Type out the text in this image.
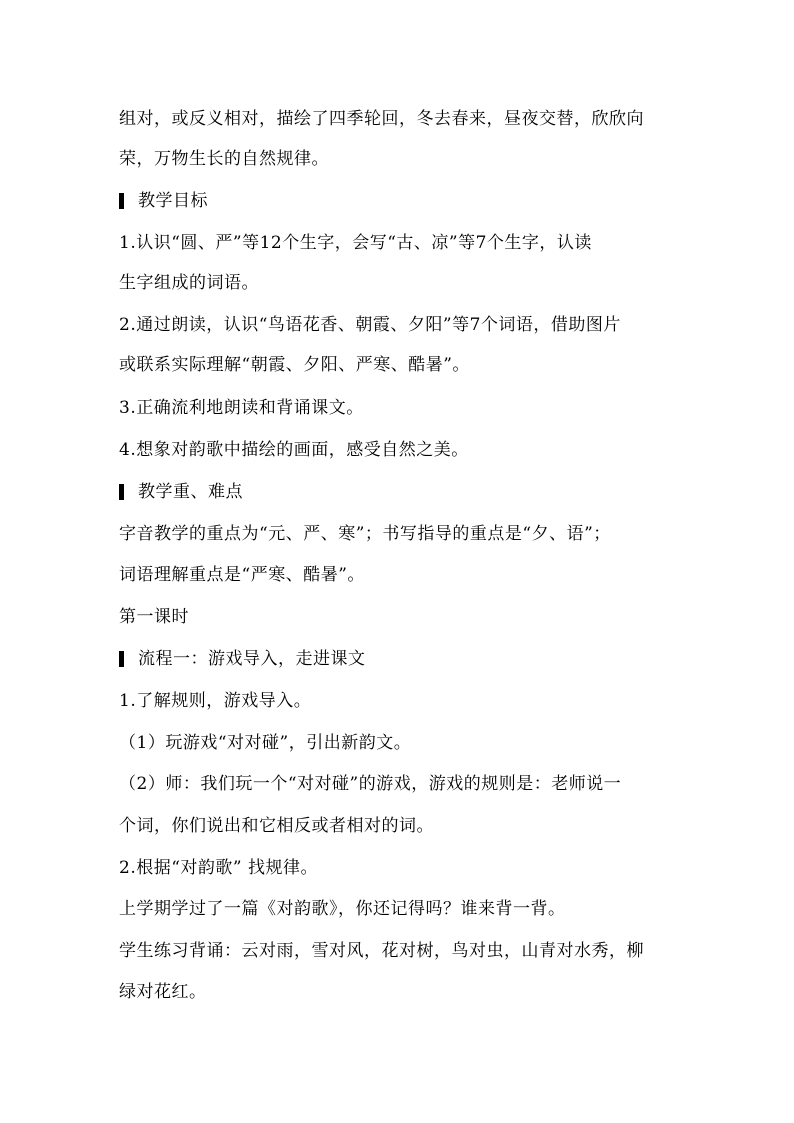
组对，或反义相对，描绘了四季轮回，冬去春来，昼夜交替，欣欣向
荣，万物生长的自然规律。
教学目标
1.认识“圆、严”等12个生字，会写“古、凉”等7个生字，认读
生字组成的词语。
2.通过朗读，认识“鸟语花香、朝霞、夕阳”等7个词语，借助图片
或联系实际理解“朝霞、夕阳、严寒、酷暑”。
3.正确流利地朗读和背诵课文。
4.想象对韵歌中描绘的画面，感受自然之美。
教学重、难点
字音教学的重点为“元、严、寒”；书写指导的重点是“夕、语”；
词语理解重点是“严寒、酷暑”。
第一课时
流程一：游戏导入，走进课文
1.了解规则，游戏导入。
（1）玩游戏“对对碰”，引出新韵文。
（2）师：我们玩一个“对对碰”的游戏，游戏的规则是：老师说一
个词，你们说出和它相反或者相对的词。
2.根据“对韵歌” 找规律。
上学期学过了一篇《对韵歌》，你还记得吗？谁来背一背。
学生练习背诵：云对雨，雪对风，花对树，鸟对虫，山青对水秀，柳
绿对花红。
